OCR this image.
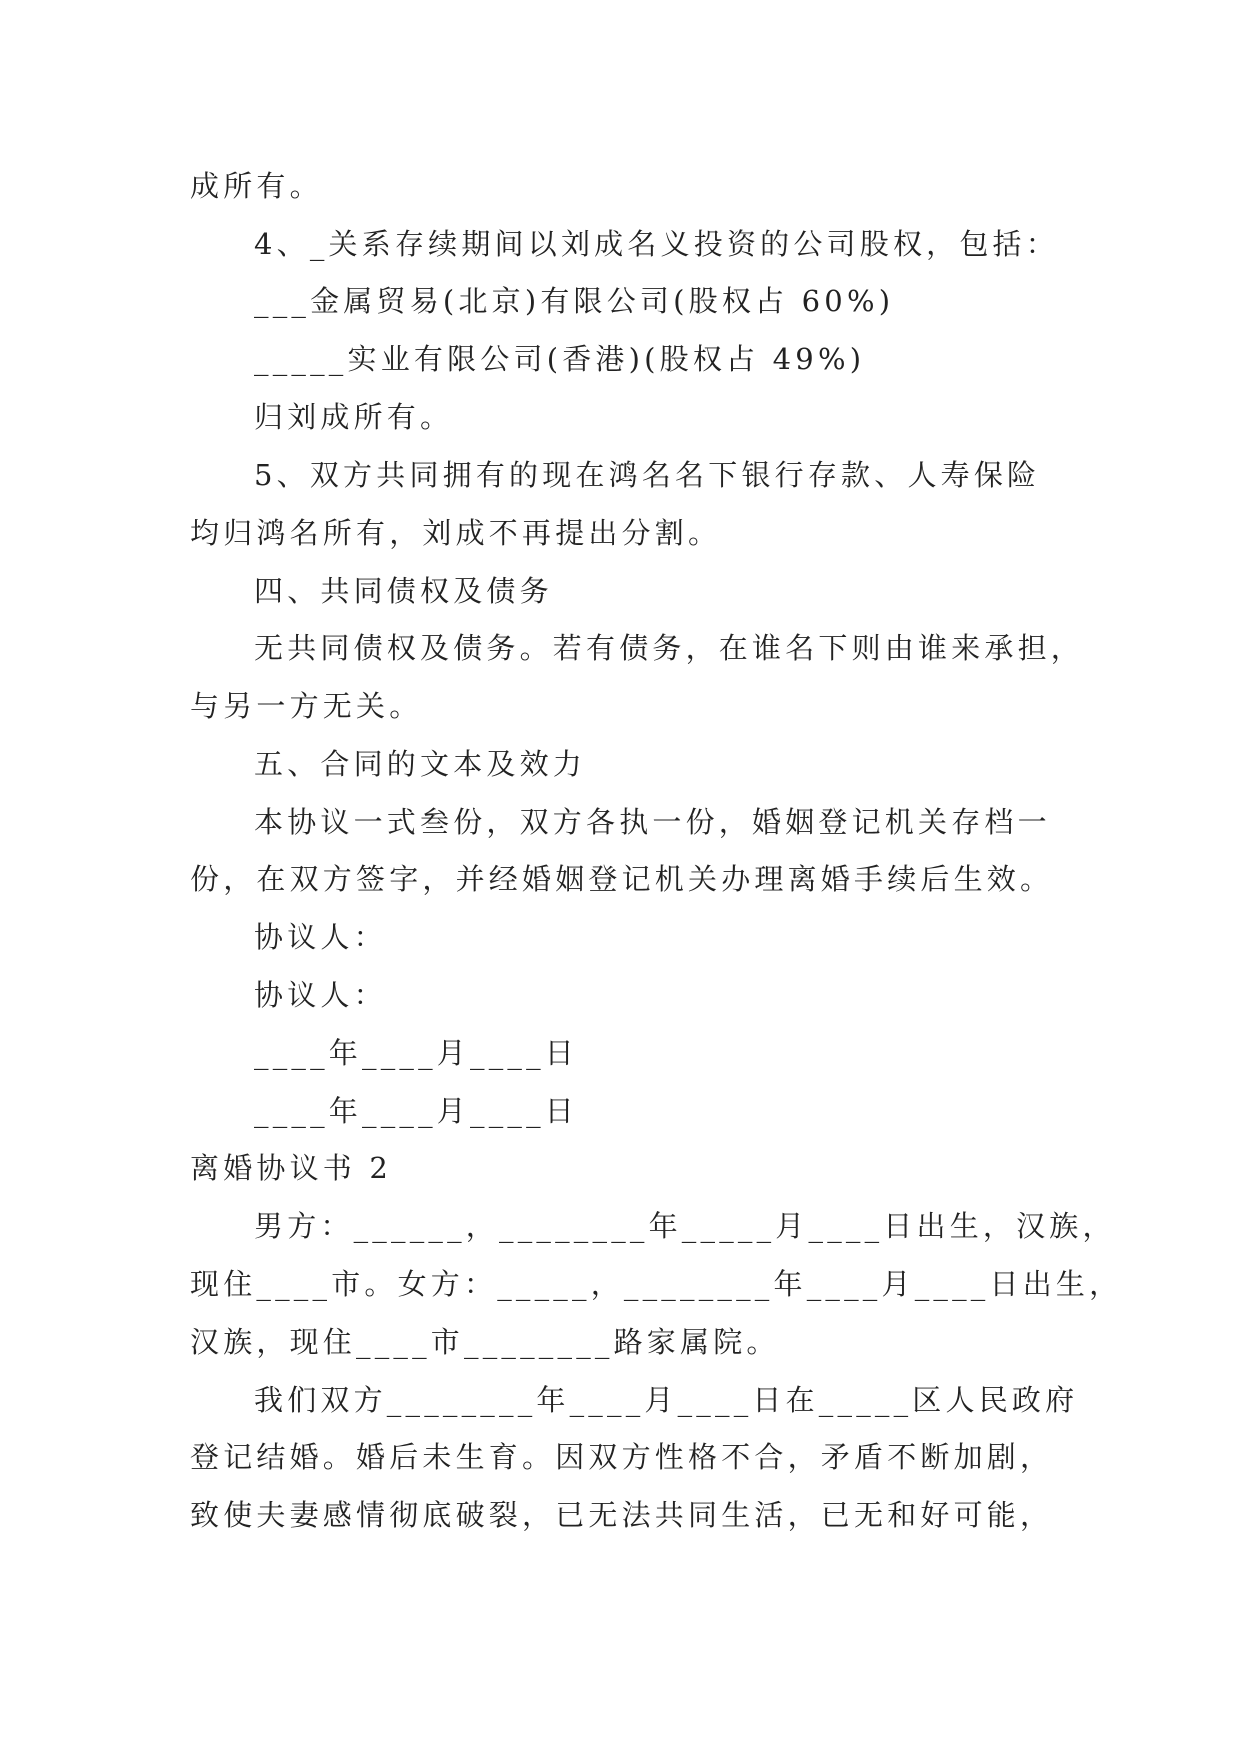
成所有。
4、_关系存续期间以刘成名义投资的公司股权，包括：
___金属贸易(北京)有限公司(股权占 60%)
_____实业有限公司(香港)(股权占 49%)
归刘成所有。
5、双方共同拥有的现在鸿名名下银行存款、人寿保险
均归鸿名所有，刘成不再提出分割。
四、共同债权及债务
无共同债权及债务。若有债务，在谁名下则由谁来承担，
与另一方无关。
五、合同的文本及效力
本协议一式叁份，双方各执一份，婚姻登记机关存档一
份，在双方签字，并经婚姻登记机关办理离婚手续后生效。
协议人：
协议人：
____年____月____日
____年____月____日
离婚协议书 2
男方：______，________年_____月____日出生，汉族，
现住____市。女方：_____，________年____月____日出生，
汉族，现住____市________路家属院。
我们双方________年____月____日在_____区人民政府
登记结婚。婚后未生育。因双方性格不合，矛盾不断加剧，
致使夫妻感情彻底破裂，已无法共同生活，已无和好可能，
